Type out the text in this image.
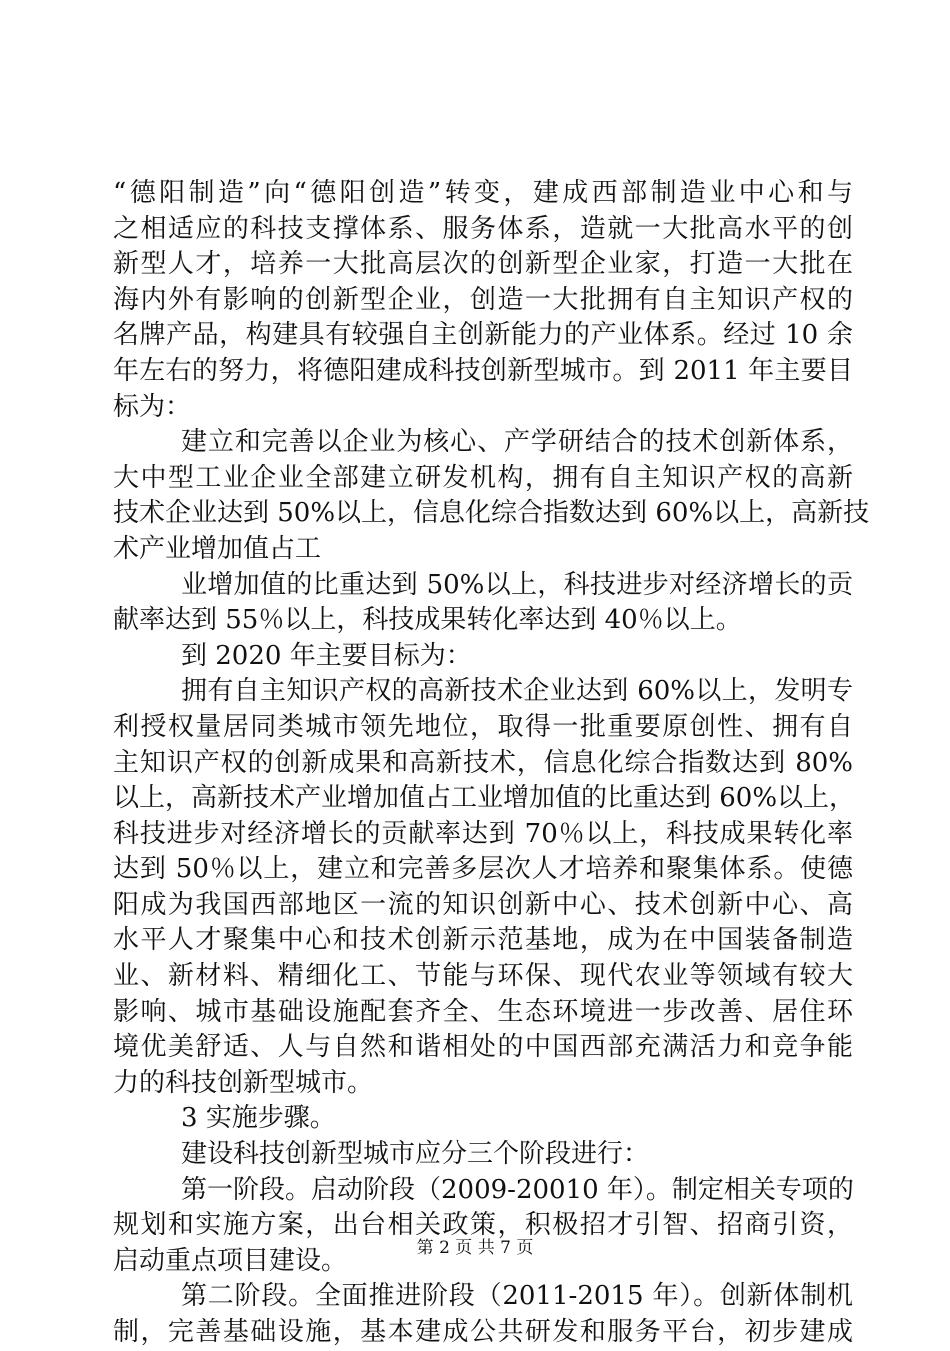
“德阳制造”向“德阳创造”转变，建成西部制造业中心和与
之相适应的科技支撑体系、服务体系，造就一大批高水平的创
新型人才，培养一大批高层次的创新型企业家，打造一大批在
海内外有影响的创新型企业，创造一大批拥有自主知识产权的
名牌产品，构建具有较强自主创新能力的产业体系。经过 10 余
年左右的努力，将德阳建成科技创新型城市。到 2011 年主要目
标为：
建立和完善以企业为核心、产学研结合的技术创新体系，
大中型工业企业全部建立研发机构，拥有自主知识产权的高新
技术企业达到 50%以上，信息化综合指数达到 60%以上，高新技
术产业增加值占工
业增加值的比重达到 50%以上，科技进步对经济增长的贡
献率达到 55％以上，科技成果转化率达到 40％以上。
到 2020 年主要目标为：
拥有自主知识产权的高新技术企业达到 60%以上，发明专
利授权量居同类城市领先地位，取得一批重要原创性、拥有自
主知识产权的创新成果和高新技术，信息化综合指数达到 80%
以上，高新技术产业增加值占工业增加值的比重达到 60%以上，
科技进步对经济增长的贡献率达到 70％以上，科技成果转化率
达到 50％以上，建立和完善多层次人才培养和聚集体系。使德
阳成为我国西部地区一流的知识创新中心、技术创新中心、高
水平人才聚集中心和技术创新示范基地，成为在中国装备制造
业、新材料、精细化工、节能与环保、现代农业等领域有较大
影响、城市基础设施配套齐全、生态环境进一步改善、居住环
境优美舒适、人与自然和谐相处的中国西部充满活力和竞争能
力的科技创新型城市。
3 实施步骤。
建设科技创新型城市应分三个阶段进行：
第一阶段。启动阶段（2009-20010 年）。制定相关专项的
规划和实施方案，出台相关政策，积极招才引智、招商引资，
启动重点项目建设。
第二阶段。全面推进阶段（2011-2015 年）。创新体制机
制，完善基础设施，基本建成公共研发和服务平台，初步建成
第 2 页 共 7 页
